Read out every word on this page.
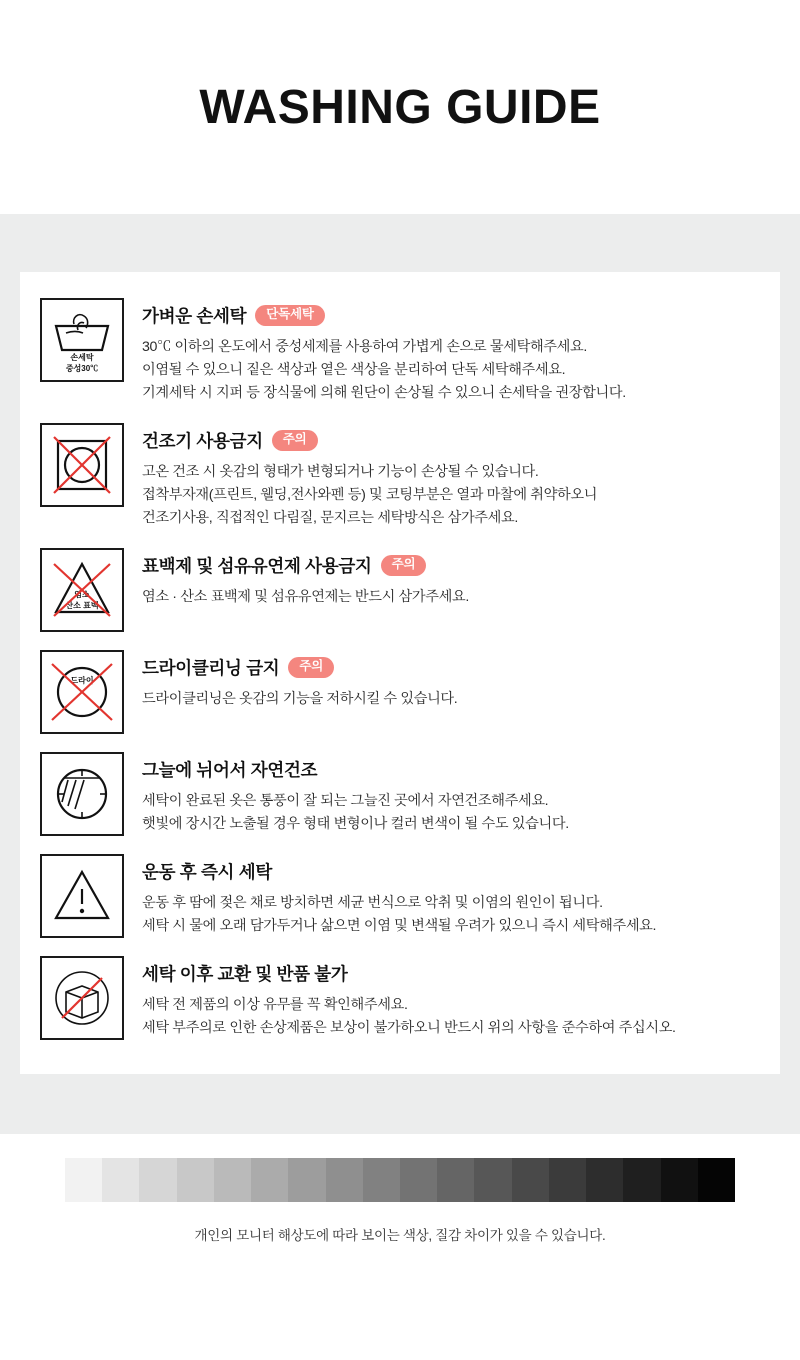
WASHING GUIDE
손세탁
중성30℃
가벼운 손세탁	단독세탁
30℃ 이하의 온도에서 중성세제를 사용하여 가볍게 손으로 물세탁해주세요.
이염될 수 있으니 짙은 색상과 옅은 색상을 분리하여 단독 세탁해주세요.
기계세탁 시 지퍼 등 장식물에 의해 원단이 손상될 수 있으니 손세탁을 권장합니다.
건조기 사용금지	주의
고온 건조 시 옷감의 형태가 변형되거나 기능이 손상될 수 있습니다.
접착부자재(프린트, 웰딩,전사와펜 등) 및 코팅부분은 열과 마찰에 취약하오니
건조기사용, 직접적인 다림질, 문지르는 세탁방식은 삼가주세요.
염소
산소 표백
표백제 및 섬유유연제 사용금지	주의
염소 · 산소 표백제 및 섬유유연제는 반드시 삼가주세요.
드라이
드라이클리닝 금지	주의
드라이클리닝은 옷감의 기능을 저하시킬 수 있습니다.
그늘에 뉘어서 자연건조
세탁이 완료된 옷은 통풍이 잘 되는 그늘진 곳에서 자연건조해주세요.
햇빛에 장시간 노출될 경우 형태 변형이나 컬러 변색이 될 수도 있습니다.
운동 후 즉시 세탁
운동 후 땀에 젖은 채로 방치하면 세균 번식으로 악취 및 이염의 원인이 됩니다.
세탁 시 물에 오래 담가두거나 삶으면 이염 및 변색될 우려가 있으니 즉시 세탁해주세요.
세탁 이후 교환 및 반품 불가
세탁 전 제품의 이상 유무를 꼭 확인해주세요.
세탁 부주의로 인한 손상제품은 보상이 불가하오니 반드시 위의 사항을 준수하여 주십시오.
개인의 모니터 해상도에 따라 보이는 색상, 질감 차이가 있을 수 있습니다.
